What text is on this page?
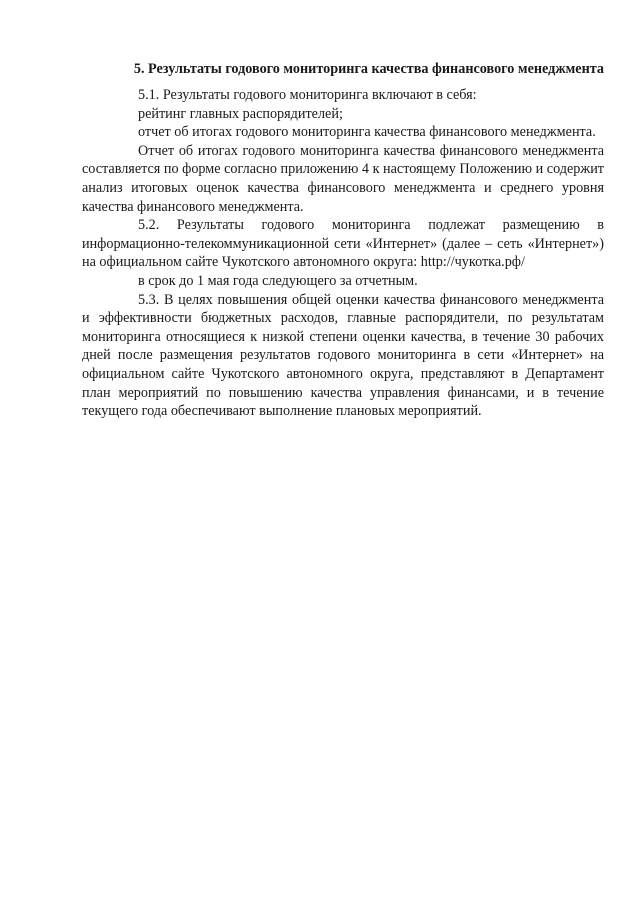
5. Результаты годового мониторинга качества финансового менеджмента

5.1. Результаты годового мониторинга включают в себя:

рейтинг главных распорядителей;

отчет об итогах годового мониторинга качества финансового менеджмента.

Отчет об итогах годового мониторинга качества финансового менеджмента составляется по форме согласно приложению 4 к настоящему Положению и содержит анализ итоговых оценок качества финансового менеджмента и среднего уровня качества финансового менеджмента.

5.2. Результаты годового мониторинга подлежат размещению в информационно-телекоммуникационной сети «Интернет» (далее – сеть «Интернет») на официальном сайте Чукотского автономного округа: http://чукотка.рф/

в срок до 1 мая года следующего за отчетным.

5.3. В целях повышения общей оценки качества финансового менеджмента и эффективности бюджетных расходов, главные распорядители, по результатам мониторинга относящиеся к низкой степени оценки качества, в течение 30 рабочих дней после размещения результатов годового мониторинга в сети «Интернет» на официальном сайте Чукотского автономного округа, представляют в Департамент план мероприятий по повышению качества управления финансами, и в течение текущего года обеспечивают выполнение плановых мероприятий.
